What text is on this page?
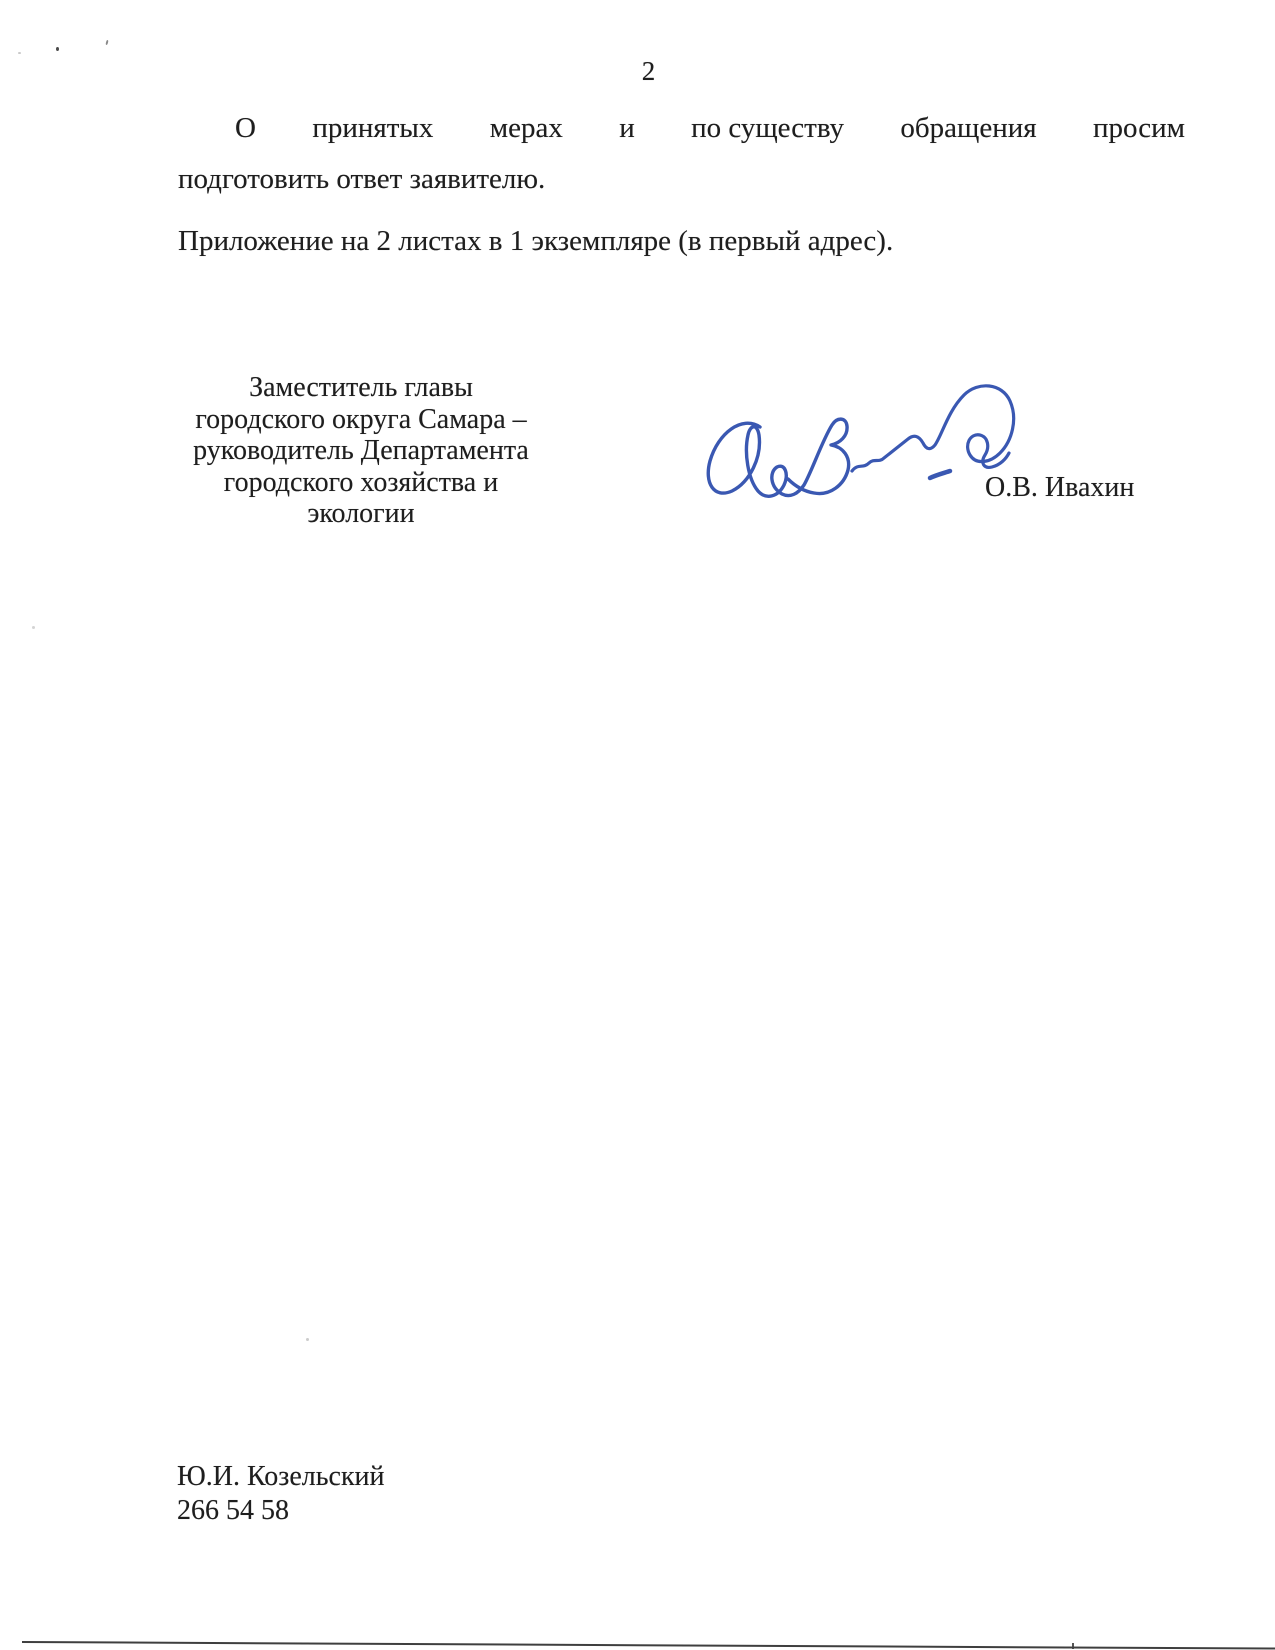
2
О принятых мерах и по существу обращения просим
подготовить ответ заявителю.
Приложение на 2 листах в 1 экземпляре (в первый адрес).
Заместитель главы
городского округа Самара –
руководитель Департамента
городского хозяйства и экологии
О.В. Ивахин
Ю.И. Козельский
266 54 58
